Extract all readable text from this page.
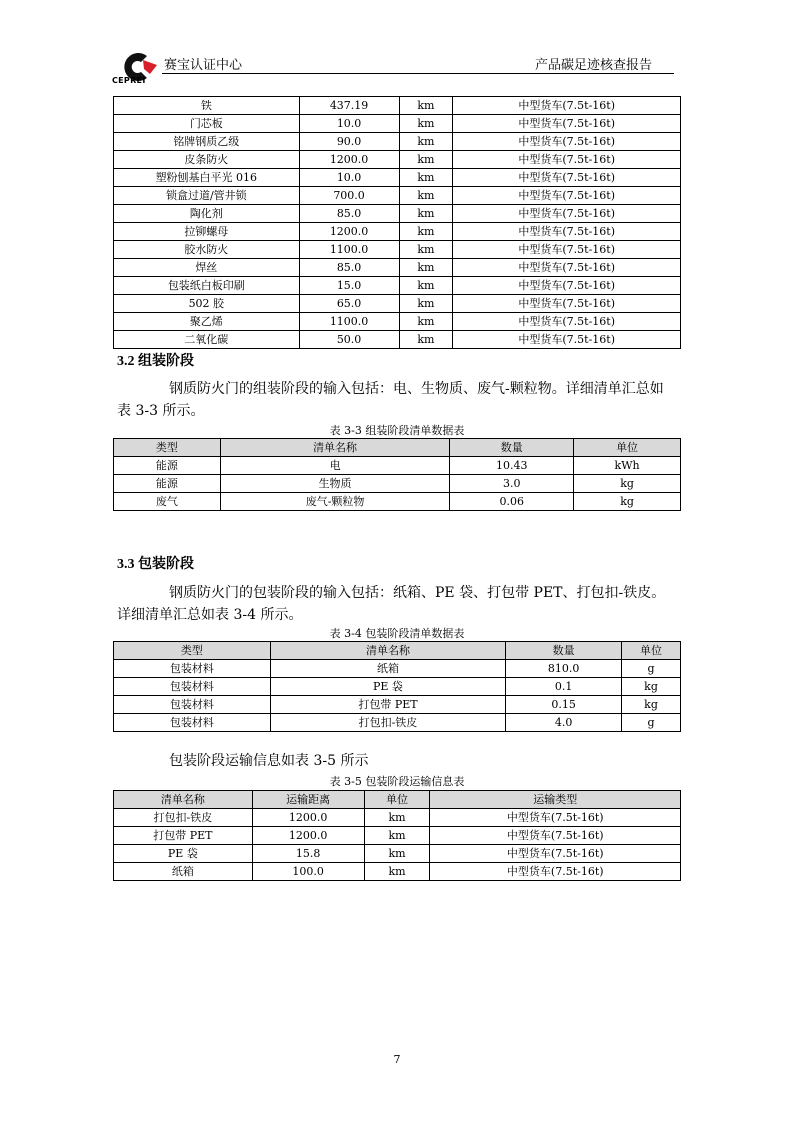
CEPREI
赛宝认证中心	产品碳足迹核查报告
铁	437.19	km	中型货车(7.5t-16t)
门芯板	10.0	km	中型货车(7.5t-16t)
铭牌钢质乙级	90.0	km	中型货车(7.5t-16t)
皮条防火	1200.0	km	中型货车(7.5t-16t)
塑粉刨基白平光 016	10.0	km	中型货车(7.5t-16t)
锁盒过道/管井锁	700.0	km	中型货车(7.5t-16t)
陶化剂	85.0	km	中型货车(7.5t-16t)
拉铆螺母	1200.0	km	中型货车(7.5t-16t)
胶水防火	1100.0	km	中型货车(7.5t-16t)
焊丝	85.0	km	中型货车(7.5t-16t)
包装纸白板印刷	15.0	km	中型货车(7.5t-16t)
502 胶	65.0	km	中型货车(7.5t-16t)
聚乙烯	1100.0	km	中型货车(7.5t-16t)
二氧化碳	50.0	km	中型货车(7.5t-16t)
3.2 组装阶段
钢质防火门的组装阶段的输入包括：电、生物质、废气-颗粒物。详细清单汇总如表 3-3 所示。
表 3-3 组装阶段清单数据表
类型	清单名称	数量	单位
能源	电	10.43	kWh
能源	生物质	3.0	kg
废气	废气-颗粒物	0.06	kg
3.3 包装阶段
钢质防火门的包装阶段的输入包括：纸箱、PE 袋、打包带 PET、打包扣-铁皮。详细清单汇总如表 3-4 所示。
表 3-4 包装阶段清单数据表
类型	清单名称	数量	单位
包装材料	纸箱	810.0	g
包装材料	PE 袋	0.1	kg
包装材料	打包带 PET	0.15	kg
包装材料	打包扣-铁皮	4.0	g
包装阶段运输信息如表 3-5 所示
表 3-5 包装阶段运输信息表
清单名称	运输距离	单位	运输类型
打包扣-铁皮	1200.0	km	中型货车(7.5t-16t)
打包带 PET	1200.0	km	中型货车(7.5t-16t)
PE 袋	15.8	km	中型货车(7.5t-16t)
纸箱	100.0	km	中型货车(7.5t-16t)
7
